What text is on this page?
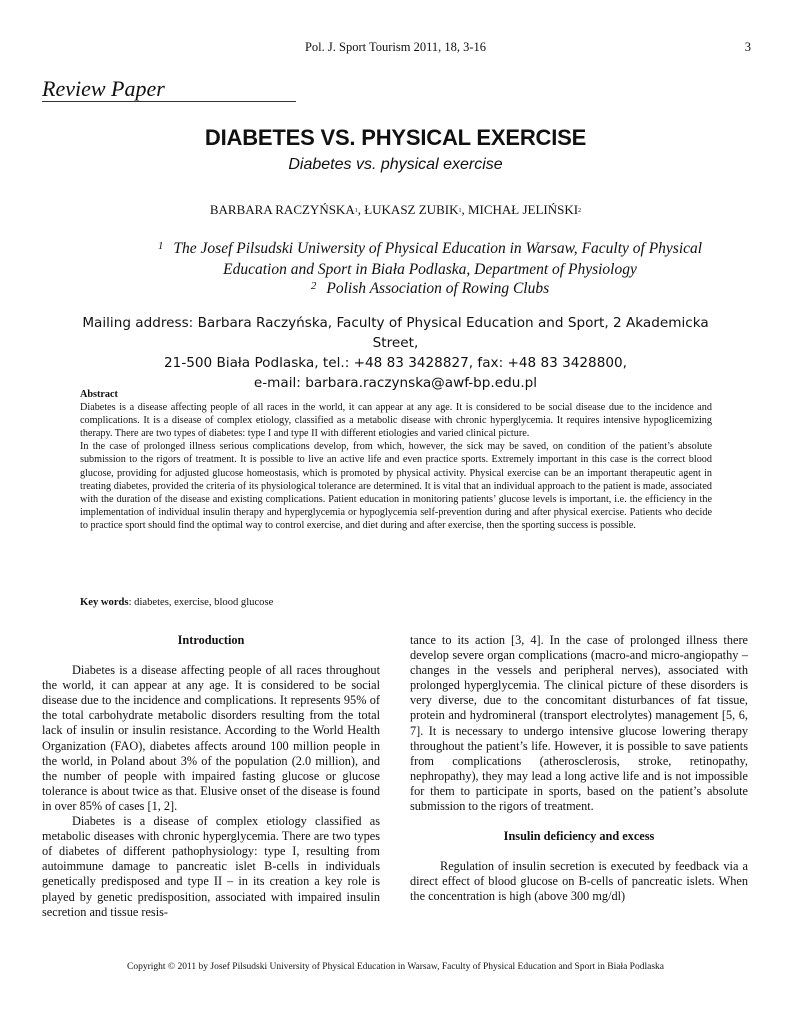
Pol. J. Sport Tourism 2011, 18, 3-16	3
Review Paper
DIABETES VS. PHYSICAL EXERCISE
Diabetes vs. physical exercise
BARBARA RACZYŃSKA$^1$, ŁUKASZ ZUBIK$^1$, MICHAŁ JELIŃSKI$^2$
$^1$ The Josef Pilsudski Uniwersity of Physical Education in Warsaw, Faculty of Physical
Education and Sport in Biała Podlaska, Department of Physiology
$^2$ Polish Association of Rowing Clubs
Mailing address: Barbara Raczyńska, Faculty of Physical Education and Sport, 2 Akademicka Street,
21-500 Biała Podlaska, tel.: +48 83 3428827, fax: +48 83 3428800,
e-mail: barbara.raczynska@awf-bp.edu.pl
Abstract
Diabetes is a disease affecting people of all races in the world, it can appear at any age. It is considered to be social disease due to the incidence and complications. It is a disease of complex etiology, classified as a metabolic disease with chronic hyperglycemia. It requires intensive hypoglicemizing therapy. There are two types of diabetes: type I and type II with different etiologies and varied clinical picture.
In the case of prolonged illness serious complications develop, from which, however, the sick may be saved, on condition of the patient’s absolute submission to the rigors of treatment. It is possible to live an active life and even practice sports. Extremely important in this case is the correct blood glucose, providing for adjusted glucose homeostasis, which is promoted by physical activity. Physical exercise can be an important therapeutic agent in treating diabetes, provided the criteria of its physiological tolerance are determined. It is vital that an individual approach to the patient is made, associated with the duration of the disease and existing complications. Patient education in monitoring patients’ glucose levels is important, i.e. the efficiency in the implementation of individual insulin therapy and hyperglycemia or hypoglycemia self-prevention during and after physical exercise. Patients who decide to practice sport should find the optimal way to control exercise, and diet during and after exercise, then the sporting success is possible.
Key words: diabetes, exercise, blood glucose

Introduction

Diabetes is a disease affecting people of all races throughout the world, it can appear at any age. It is considered to be social disease due to the incidence and complications. It represents 95% of the total carbohydrate metabolic disorders resulting from the total lack of insulin or insulin resistance. According to the World Health Organization (FAO), diabetes affects around 100 million people in the world, in Poland about 3% of the population (2.0 million), and the number of people with impaired fasting glucose or glucose tolerance is about twice as that. Elusive onset of the disease is found in over 85% of cases [1, 2].

Diabetes is a disease of complex etiology classified as metabolic diseases with chronic hyperglycemia. There are two types of diabetes of different pathophysiology: type I, resulting from autoimmune damage to pancreatic islet B-cells in individuals genetically predisposed and type II – in its creation a key role is played by genetic predisposition, associated with impaired insulin secretion and tissue resis-

tance to its action [3, 4]. In the case of prolonged illness there develop severe organ complications (macro-and micro-angiopathy – changes in the vessels and peripheral nerves), associated with prolonged hyperglycemia. The clinical picture of these disorders is very diverse, due to the concomitant disturbances of fat tissue, protein and hydromineral (transport electrolytes) management [5, 6, 7]. It is necessary to undergo intensive glucose lowering therapy throughout the patient’s life. However, it is possible to save patients from complications (atherosclerosis, stroke, retinopathy, nephropathy), they may lead a long active life and is not impossible for them to participate in sports, based on the patient’s absolute submission to the rigors of treatment.

Insulin deficiency and excess

Regulation of insulin secretion is executed by feedback via a direct effect of blood glucose on B-cells of pancreatic islets. When the concentration is high (above 300 mg/dl)

Copyright © 2011 by Josef Pilsudski University of Physical Education in Warsaw, Faculty of Physical Education and Sport in Biała Podlaska
